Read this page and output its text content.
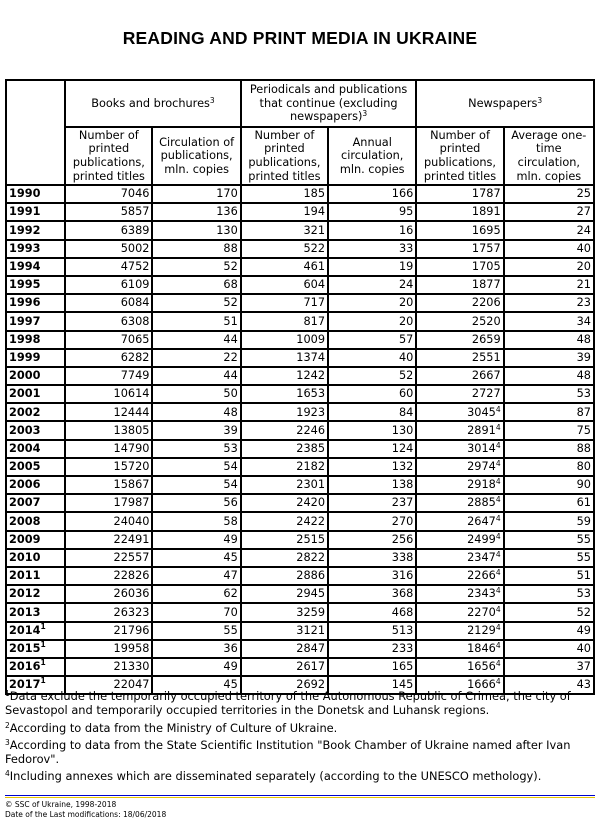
READING AND PRINT MEDIA IN UKRAINE
	Books and brochures$^3$		Periodicals and publications that continue (excluding newspapers)$^3$		Newspapers$^3$
	Number of printed publications, printed titles	Circulation of publications, mln. copies	Number of printed publications, printed titles	Annual circulation, mln. copies	Number of printed publications, printed titles	Average one-time circulation, mln. copies
1990	7046	170	185	166	1787	25
1991	5857	136	194	95	1891	27
1992	6389	130	321	16	1695	24
1993	5002	88	522	33	1757	40
1994	4752	52	461	19	1705	20
1995	6109	68	604	24	1877	21
1996	6084	52	717	20	2206	23
1997	6308	51	817	20	2520	34
1998	7065	44	1009	57	2659	48
1999	6282	22	1374	40	2551	39
2000	7749	44	1242	52	2667	48
2001	10614	50	1653	60	2727	53
2002	12444	48	1923	84	3045$^4$	87
2003	13805	39	2246	130	2891$^4$	75
2004	14790	53	2385	124	3014$^4$	88
2005	15720	54	2182	132	2974$^4$	80
2006	15867	54	2301	138	2918$^4$	90
2007	17987	56	2420	237	2885$^4$	61
2008	24040	58	2422	270	2647$^4$	59
2009	22491	49	2515	256	2499$^4$	55
2010	22557	45	2822	338	2347$^4$	55
2011	22826	47	2886	316	2266$^4$	51
2012	26036	62	2945	368	2343$^4$	53
2013	26323	70	3259	468	2270$^4$	52
2014$^1$	21796	55	3121	513	2129$^4$	49
2015$^1$	19958	36	2847	233	1846$^4$	40
2016$^1$	21330	49	2617	165	1656$^4$	37
2017$^1$	22047	45	2692	145	1666$^4$	43

$^1$Data exclude the temporarily occupied territory of the Autonomous Republic of Crimea, the city of Sevastopol and temporarily occupied territories in the Donetsk and Luhansk regions.

$^2$According to data from the Ministry of Culture of Ukraine.

$^3$According to data from the State Scientific Institution "Book Chamber of Ukraine named after Ivan Fedorov".

$^4$Including annexes which are disseminated separately (according to the UNESCO methology).

© SSC of Ukraine, 1998-2018
Date of the Last modifications: 18/06/2018
